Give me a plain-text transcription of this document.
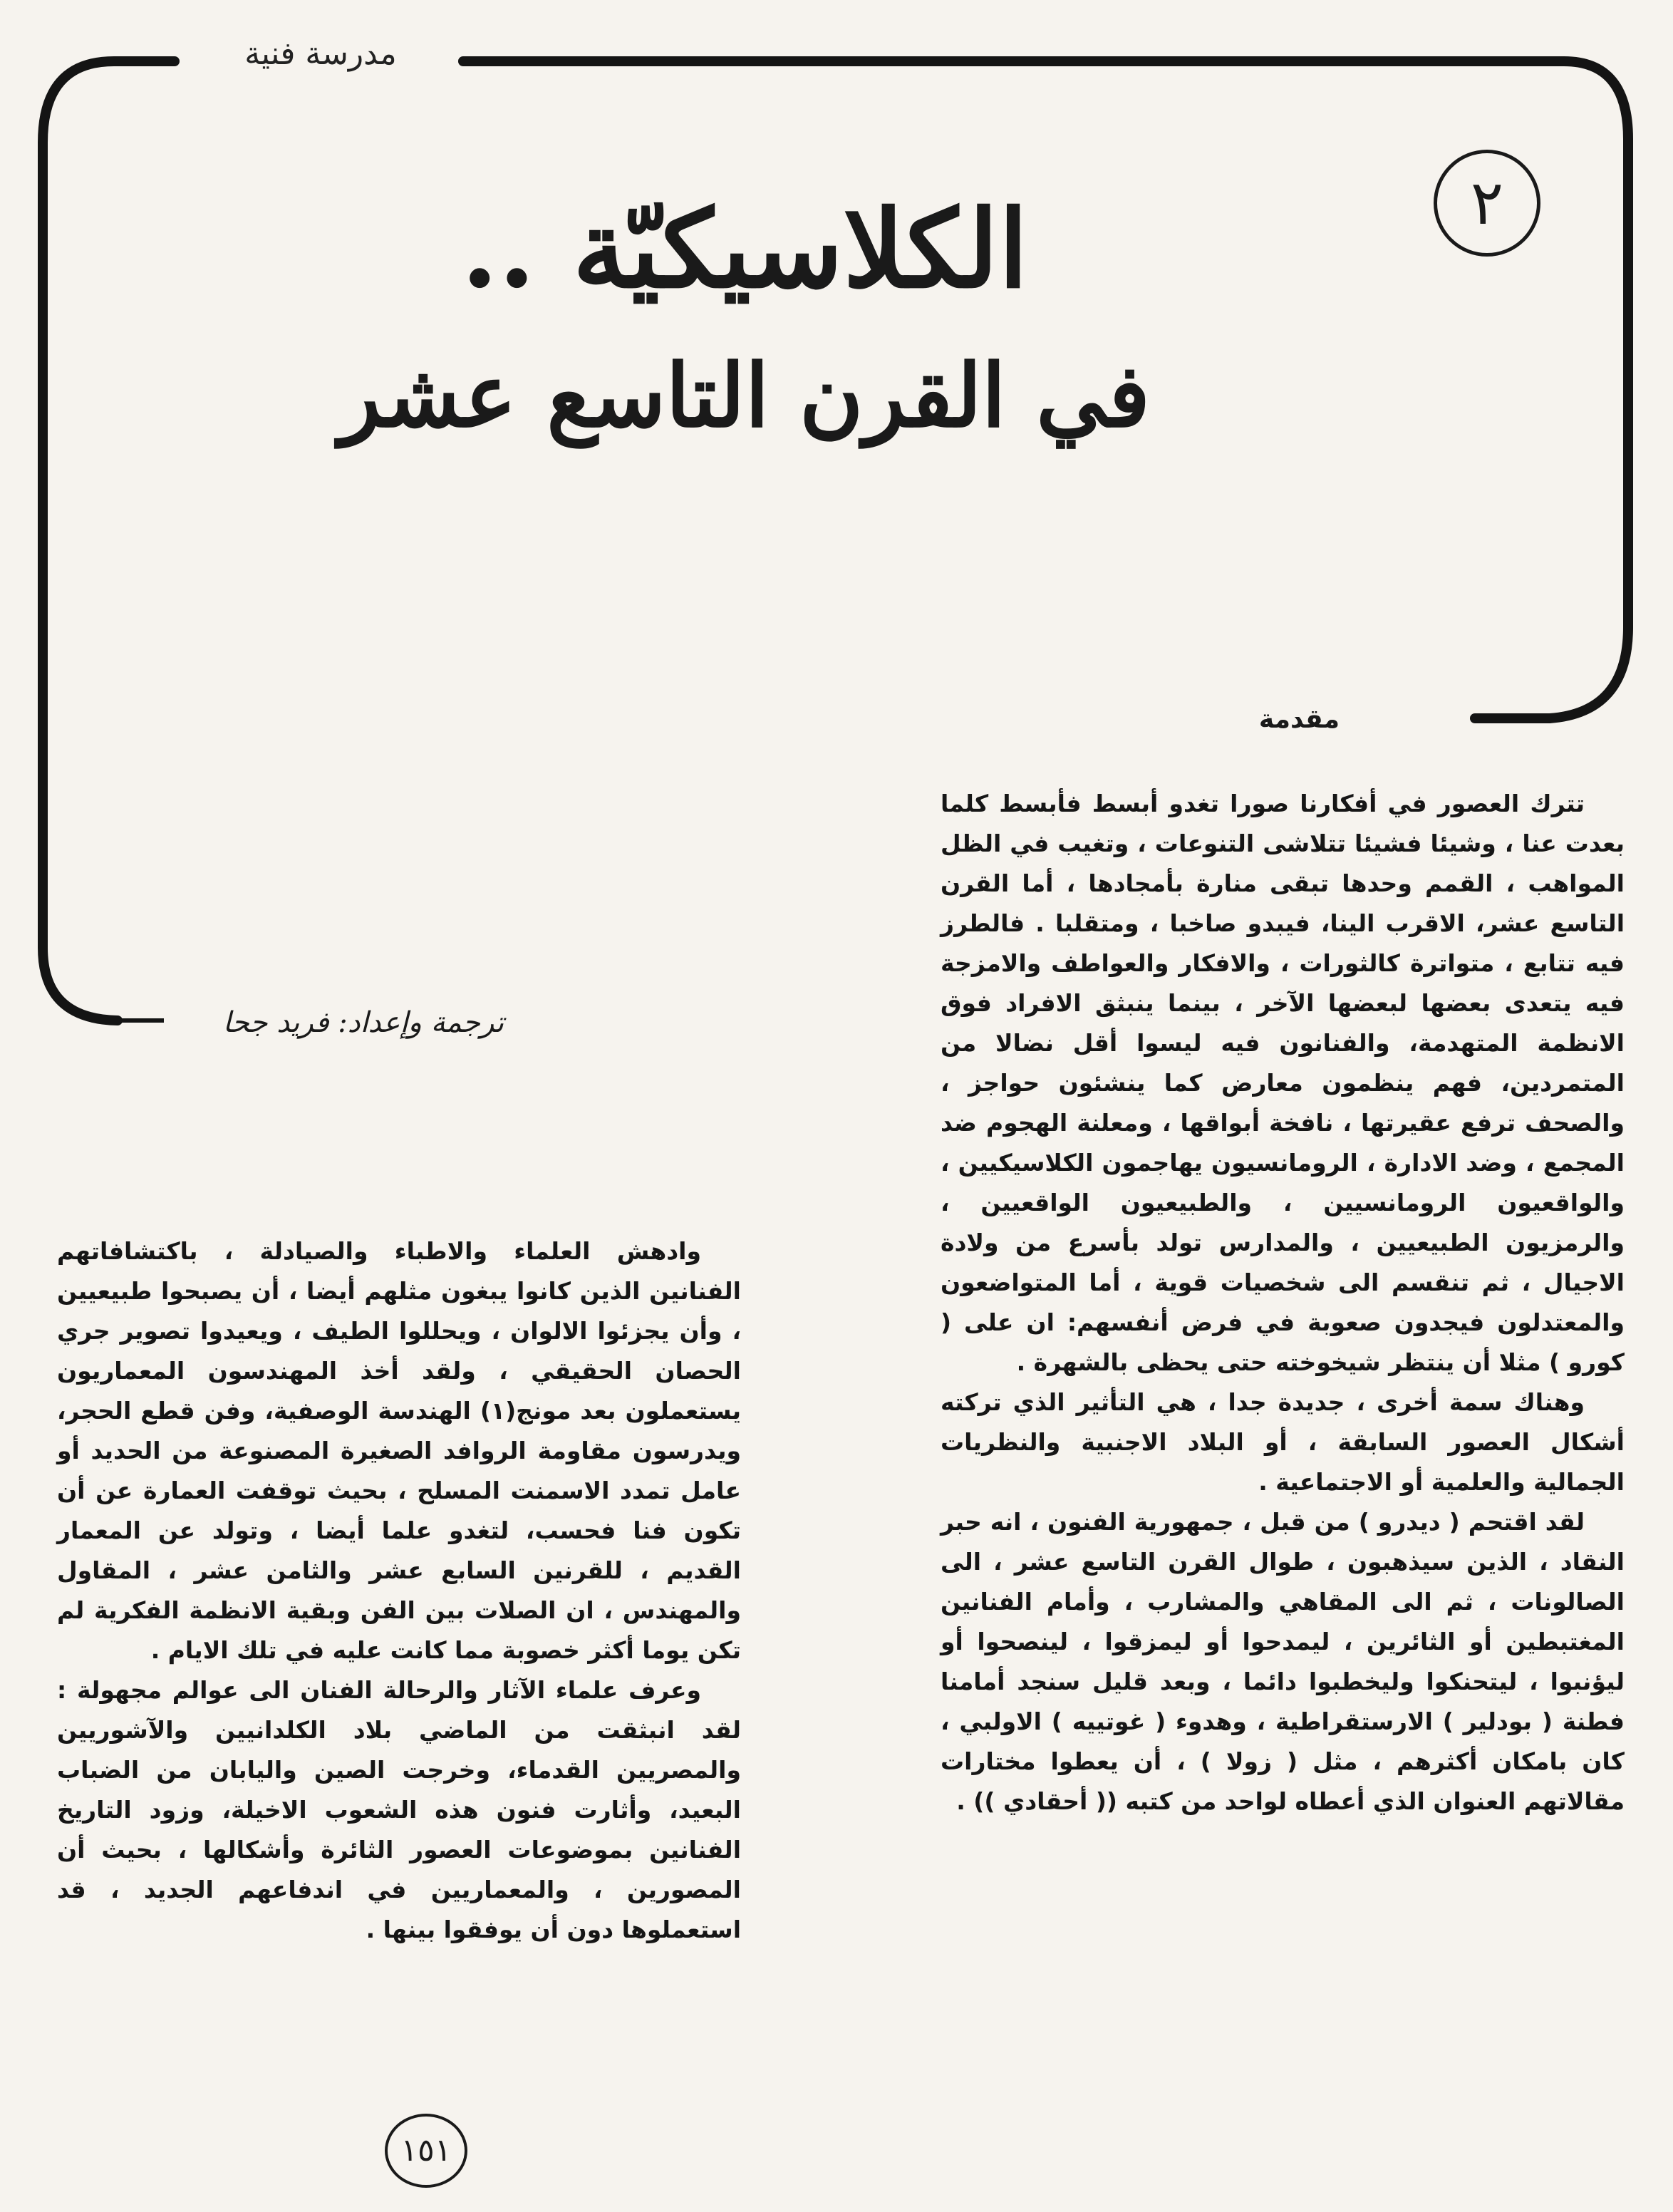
مدرسة فنية
٢
الكلاسيكيّة ..
في القرن التاسع عشر
مقدمة
ترجمة وإعداد: فريد جحا

تترك العصور في أفكارنا صورا تغدو أبسط فأبسط كلما بعدت عنا ، وشيئا فشيئا تتلاشى التنوعات ، وتغيب في الظل المواهب ، القمم وحدها تبقى منارة بأمجادها ، أما القرن التاسع عشر، الاقرب الينا، فيبدو صاخبا ، ومتقلبا . فالطرز فيه تتابع ، متواترة كالثورات ، والافكار والعواطف والامزجة فيه يتعدى بعضها لبعضها الآخر ، بينما ينبثق الافراد فوق الانظمة المتهدمة، والفنانون فيه ليسوا أقل نضالا من المتمردين، فهم ينظمون معارض كما ينشئون حواجز ، والصحف ترفع عقيرتها ، نافخة أبواقها ، ومعلنة الهجوم ضد المجمع ، وضد الادارة ، الرومانسيون يهاجمون الكلاسيكيين ، والواقعيون الرومانسيين ، والطبيعيون الواقعيين ، والرمزيون الطبيعيين ، والمدارس تولد بأسرع من ولادة الاجيال ، ثم تنقسم الى شخصيات قوية ، أما المتواضعون والمعتدلون فيجدون صعوبة في فرض أنفسهم: ان على ( كورو ) مثلا أن ينتظر شيخوخته حتى يحظى بالشهرة .

وهناك سمة أخرى ، جديدة جدا ، هي التأثير الذي تركته أشكال العصور السابقة ، أو البلاد الاجنبية والنظريات الجمالية والعلمية أو الاجتماعية .

لقد اقتحم ( ديدرو ) من قبل ، جمهورية الفنون ، انه حبر النقاد ، الذين سيذهبون ، طوال القرن التاسع عشر ، الى الصالونات ، ثم الى المقاهي والمشارب ، وأمام الفنانين المغتبطين أو الثائرين ، ليمدحوا أو ليمزقوا ، لينصحوا أو ليؤنبوا ، ليتحنكوا وليخطبوا دائما ، وبعد قليل سنجد أمامنا فطنة ( بودلير ) الارستقراطية ، وهدوء ( غوتييه ) الاولبي ، كان بامكان أكثرهم ، مثل ( زولا ) ، أن يعطوا مختارات مقالاتهم العنوان الذي أعطاه لواحد من كتبه (( أحقادي )) .

وادهش العلماء والاطباء والصيادلة ، باكتشافاتهم الفنانين الذين كانوا يبغون مثلهم أيضا ، أن يصبحوا طبيعيين ، وأن يجزئوا الالوان ، ويحللوا الطيف ، ويعيدوا تصوير جري الحصان الحقيقي ، ولقد أخذ المهندسون المعماريون يستعملون بعد مونج(١) الهندسة الوصفية، وفن قطع الحجر، ويدرسون مقاومة الروافد الصغيرة المصنوعة من الحديد أو عامل تمدد الاسمنت المسلح ، بحيث توقفت العمارة عن أن تكون فنا فحسب، لتغدو علما أيضا ، وتولد عن المعمار القديم ، للقرنين السابع عشر والثامن عشر ، المقاول والمهندس ، ان الصلات بين الفن وبقية الانظمة الفكرية لم تكن يوما أكثر خصوبة مما كانت عليه في تلك الايام .

وعرف علماء الآثار والرحالة الفنان الى عوالم مجهولة : لقد انبثقت من الماضي بلاد الكلدانيين والآشوريين والمصريين القدماء، وخرجت الصين واليابان من الضباب البعيد، وأثارت فنون هذه الشعوب الاخيلة، وزود التاريخ الفنانين بموضوعات العصور الثائرة وأشكالها ، بحيث أن المصورين ، والمعماريين في اندفاعهم الجديد ، قد استعملوها دون أن يوفقوا بينها .

١٥١
